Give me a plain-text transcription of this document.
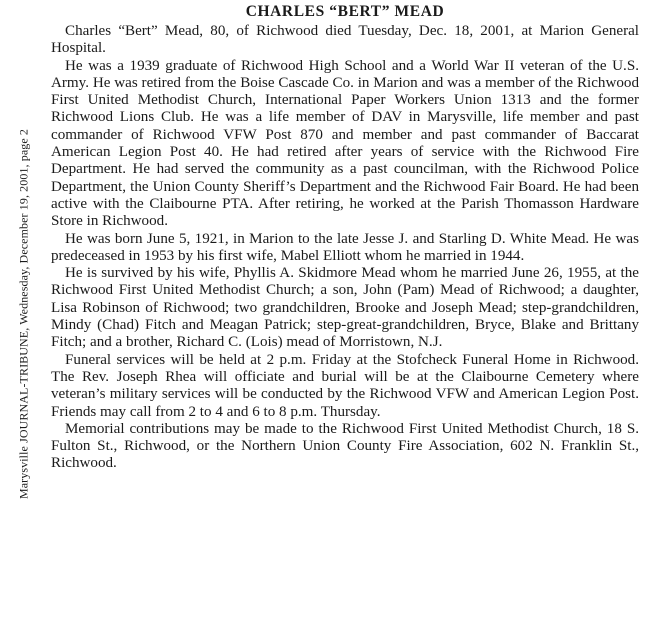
Marysville JOURNAL-TRIBUNE, Wednesday, December 19, 2001, page 2
CHARLES “BERT” MEAD

Charles “Bert” Mead, 80, of Richwood died Tuesday, Dec. 18, 2001, at Marion General Hospital.

He was a 1939 graduate of Richwood High School and a World War II veteran of the U.S. Army. He was retired from the Boise Cascade Co. in Marion and was a member of the Richwood First United Methodist Church, International Paper Workers Union 1313 and the former Richwood Lions Club. He was a life member of DAV in Marysville, life member and past commander of Richwood VFW Post 870 and member and past commander of Baccarat American Legion Post 40. He had retired after years of service with the Richwood Fire Department. He had served the community as a past councilman, with the Richwood Police Department, the Union County Sheriff’s Department and the Richwood Fair Board. He had been active with the Claibourne PTA. After retiring, he worked at the Parish Thomasson Hardware Store in Richwood.

He was born June 5, 1921, in Marion to the late Jesse J. and Starling D. White Mead. He was predeceased in 1953 by his first wife, Mabel Elliott whom he married in 1944.

He is survived by his wife, Phyllis A. Skidmore Mead whom he married June 26, 1955, at the Richwood First United Methodist Church; a son, John (Pam) Mead of Richwood; a daughter, Lisa Robinson of Richwood; two grandchildren, Brooke and Joseph Mead; step-grandchildren, Mindy (Chad) Fitch and Meagan Patrick; step-great-grandchildren, Bryce, Blake and Brittany Fitch; and a brother, Richard C. (Lois) mead of Morristown, N.J.

Funeral services will be held at 2 p.m. Friday at the Stofcheck Funeral Home in Richwood. The Rev. Joseph Rhea will officiate and burial will be at the Claibourne Cemetery where veteran’s military services will be conducted by the Richwood VFW and American Legion Post. Friends may call from 2 to 4 and 6 to 8 p.m. Thursday.

Memorial contributions may be made to the Richwood First United Methodist Church, 18 S. Fulton St., Richwood, or the Northern Union County Fire Association, 602 N. Franklin St., Richwood.
